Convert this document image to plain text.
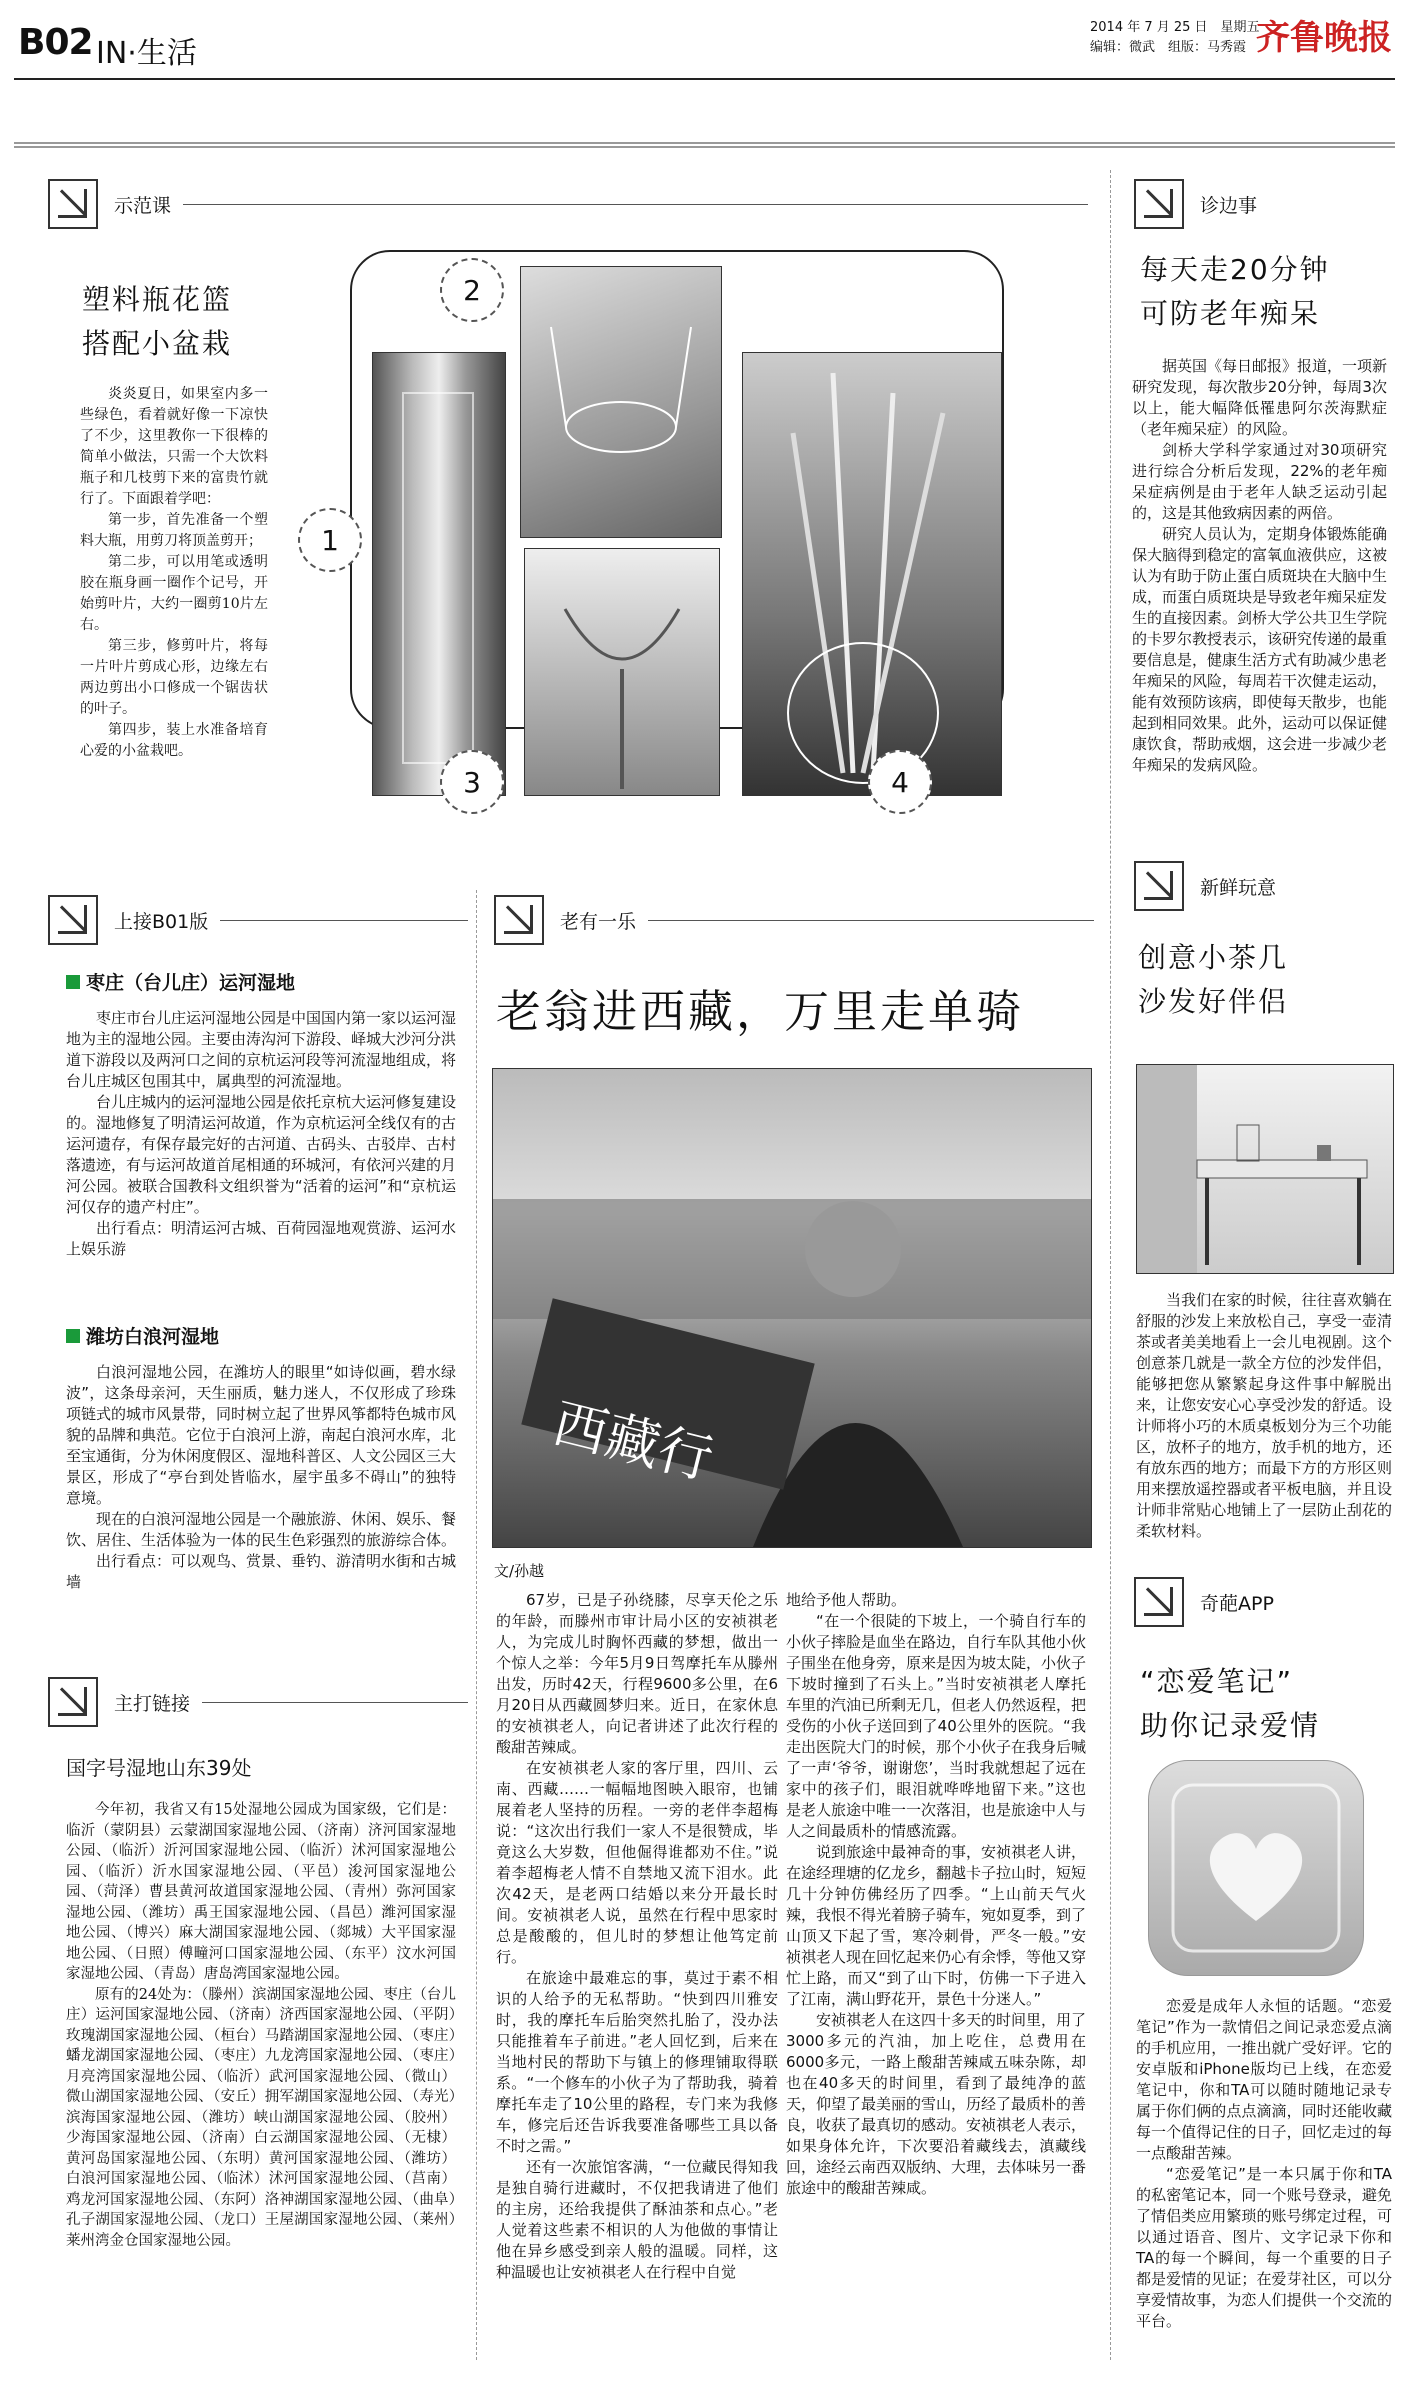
B02 IN·生活
2014 年 7 月 25 日　星期五
编辑：微武　组版：马秀霞 齐鲁晚报
示范课
塑料瓶花篮
搭配小盆栽

炎炎夏日，如果室内多一些绿色，看着就好像一下凉快了不少，这里教你一下很棒的简单小做法，只需一个大饮料瓶子和几枝剪下来的富贵竹就行了。下面跟着学吧：

第一步，首先准备一个塑料大瓶，用剪刀将顶盖剪开；

第二步，可以用笔或透明胶在瓶身画一圈作个记号，开始剪叶片，大约一圈剪10片左右。

第三步，修剪叶片，将每一片叶片剪成心形，边缘左右两边剪出小口修成一个锯齿状的叶子。

第四步，装上水准备培育心爱的小盆栽吧。

2
1
3	4
诊边事
每天走20分钟
可防老年痴呆

据英国《每日邮报》报道，一项新研究发现，每次散步20分钟，每周3次以上，能大幅降低罹患阿尔茨海默症（老年痴呆症）的风险。

剑桥大学科学家通过对30项研究进行综合分析后发现，22%的老年痴呆症病例是由于老年人缺乏运动引起的，这是其他致病因素的两倍。

研究人员认为，定期身体锻炼能确保大脑得到稳定的富氧血液供应，这被认为有助于防止蛋白质斑块在大脑中生成，而蛋白质斑块是导致老年痴呆症发生的直接因素。剑桥大学公共卫生学院的卡罗尔教授表示，该研究传递的最重要信息是，健康生活方式有助减少患老年痴呆的风险，每周若干次健走运动，能有效预防该病，即使每天散步，也能起到相同效果。此外，运动可以保证健康饮食，帮助戒烟，这会进一步减少老年痴呆的发病风险。

上接B01版
枣庄（台儿庄）运河湿地

枣庄市台儿庄运河湿地公园是中国国内第一家以运河湿地为主的湿地公园。主要由涛沟河下游段、峄城大沙河分洪道下游段以及两河口之间的京杭运河段等河流湿地组成，将台儿庄城区包围其中，属典型的河流湿地。

台儿庄城内的运河湿地公园是依托京杭大运河修复建设的。湿地修复了明清运河故道，作为京杭运河全线仅有的古运河遗存，有保存最完好的古河道、古码头、古驳岸、古村落遗迹，有与运河故道首尾相通的环城河，有依河兴建的月河公园。被联合国教科文组织誉为“活着的运河”和“京杭运河仅存的遗产村庄”。

出行看点：明清运河古城、百荷园湿地观赏游、运河水上娱乐游

潍坊白浪河湿地

白浪河湿地公园，在潍坊人的眼里“如诗似画，碧水绿波”，这条母亲河，天生丽质，魅力迷人，不仅形成了珍珠项链式的城市风景带，同时树立起了世界风筝都特色城市风貌的品牌和典范。它位于白浪河上游，南起白浪河水库，北至宝通街，分为休闲度假区、湿地科普区、人文公园区三大景区，形成了“亭台到处皆临水，屋宇虽多不碍山”的独特意境。

现在的白浪河湿地公园是一个融旅游、休闲、娱乐、餐饮、居住、生活体验为一体的民生色彩强烈的旅游综合体。

出行看点：可以观鸟、赏景、垂钓、游清明水街和古城墙

主打链接
国字号湿地山东39处

今年初，我省又有15处湿地公园成为国家级，它们是：临沂（蒙阴县）云蒙湖国家湿地公园、（济南）济河国家湿地公园、（临沂）沂河国家湿地公园、（临沂）沭河国家湿地公园、（临沂）沂水国家湿地公园、（平邑）浚河国家湿地公园、（菏泽）曹县黄河故道国家湿地公园、（青州）弥河国家湿地公园、（潍坊）禹王国家湿地公园、（昌邑）潍河国家湿地公园、（博兴）麻大湖国家湿地公园、（郯城）大平国家湿地公园、（日照）傅疃河口国家湿地公园、（东平）汶水河国家湿地公园、（青岛）唐岛湾国家湿地公园。

原有的24处为：（滕州）滨湖国家湿地公园、枣庄（台儿庄）运河国家湿地公园、（济南）济西国家湿地公园、（平阴）玫瑰湖国家湿地公园、（桓台）马踏湖国家湿地公园、（枣庄）蟠龙湖国家湿地公园、（枣庄）九龙湾国家湿地公园、（枣庄）月亮湾国家湿地公园、（临沂）武河国家湿地公园、（微山）微山湖国家湿地公园、（安丘）拥军湖国家湿地公园、（寿光）滨海国家湿地公园、（潍坊）峡山湖国家湿地公园、（胶州）少海国家湿地公园、（济南）白云湖国家湿地公园、（无棣）黄河岛国家湿地公园、（东明）黄河国家湿地公园、（潍坊）白浪河国家湿地公园、（临沭）沭河国家湿地公园、（莒南）鸡龙河国家湿地公园、（东阿）洛神湖国家湿地公园、（曲阜）孔子湖国家湿地公园、（龙口）王屋湖国家湿地公园、（莱州）莱州湾金仓国家湿地公园。

老有一乐
老翁进西藏，万里走单骑
西藏行
文/孙越

67岁，已是子孙绕膝，尽享天伦之乐的年龄，而滕州市审计局小区的安祯祺老人，为完成儿时胸怀西藏的梦想，做出一个惊人之举：今年5月9日驾摩托车从滕州出发，历时42天，行程9600多公里，在6月20日从西藏圆梦归来。近日，在家休息的安祯祺老人，向记者讲述了此次行程的酸甜苦辣咸。

在安祯祺老人家的客厅里，四川、云南、西藏……一幅幅地图映入眼帘，也铺展着老人坚持的历程。一旁的老伴李超梅说：“这次出行我们一家人不是很赞成，毕竟这么大岁数，但他倔得谁都劝不住。”说着李超梅老人情不自禁地又流下泪水。此次42天，是老两口结婚以来分开最长时间。安祯祺老人说，虽然在行程中思家时总是酸酸的，但儿时的梦想让他笃定前行。

在旅途中最难忘的事，莫过于素不相识的人给予的无私帮助。“快到四川雅安时，我的摩托车后胎突然扎胎了，没办法只能推着车子前进。”老人回忆到，后来在当地村民的帮助下与镇上的修理铺取得联系。“一个修车的小伙子为了帮助我，骑着摩托车走了10公里的路程，专门来为我修车，修完后还告诉我要准备哪些工具以备不时之需。”

还有一次旅馆客满，“一位藏民得知我是独自骑行进藏时，不仅把我请进了他们的主房，还给我提供了酥油茶和点心。”老人觉着这些素不相识的人为他做的事情让他在异乡感受到亲人般的温暖。同样，这种温暖也让安祯祺老人在行程中自觉

地给予他人帮助。

“在一个很陡的下坡上，一个骑自行车的小伙子摔脸是血坐在路边，自行车队其他小伙子围坐在他身旁，原来是因为坡太陡，小伙子下坡时撞到了石头上。”当时安祯祺老人摩托车里的汽油已所剩无几，但老人仍然返程，把受伤的小伙子送回到了40公里外的医院。“我走出医院大门的时候，那个小伙子在我身后喊了一声‘爷爷，谢谢您’，当时我就想起了远在家中的孩子们，眼泪就哗哗地留下来。”这也是老人旅途中唯一一次落泪，也是旅途中人与人之间最质朴的情感流露。

说到旅途中最神奇的事，安祯祺老人讲，在途经理塘的亿龙乡，翻越卡子拉山时，短短几十分钟仿佛经历了四季。“上山前天气火辣，我恨不得光着膀子骑车，宛如夏季，到了山顶又下起了雪，寒冷刺骨，严冬一般。”安祯祺老人现在回忆起来仍心有余悸，等他又穿忙上路，而又“到了山下时，仿佛一下子进入了江南，满山野花开，景色十分迷人。”

安祯祺老人在这四十多天的时间里，用了3000多元的汽油，加上吃住，总费用在6000多元，一路上酸甜苦辣咸五味杂陈，却也在40多天的时间里，看到了最纯净的蓝天，仰望了最美丽的雪山，历经了最质朴的善良，收获了最真切的感动。安祯祺老人表示，如果身体允许，下次要沿着藏线去，滇藏线回，途经云南西双版纳、大理，去体味另一番旅途中的酸甜苦辣咸。

新鲜玩意
创意小茶几
沙发好伴侣

当我们在家的时候，往往喜欢躺在舒服的沙发上来放松自己，享受一壶清茶或者美美地看上一会儿电视剧。这个创意茶几就是一款全方位的沙发伴侣，能够把您从繁繁起身这件事中解脱出来，让您安安心心享受沙发的舒适。设计师将小巧的木质桌板划分为三个功能区，放杯子的地方，放手机的地方，还有放东西的地方；而最下方的方形区则用来摆放遥控器或者平板电脑，并且设计师非常贴心地铺上了一层防止刮花的柔软材料。

奇葩APP
“恋爱笔记”
助你记录爱情

恋爱是成年人永恒的话题。“恋爱笔记”作为一款情侣之间记录恋爱点滴的手机应用，一推出就广受好评。它的安卓版和iPhone版均已上线，在恋爱笔记中，你和TA可以随时随地记录专属于你们俩的点点滴滴，同时还能收藏每一个值得记住的日子，回忆走过的每一点酸甜苦辣。

“恋爱笔记”是一本只属于你和TA的私密笔记本，同一个账号登录，避免了情侣类应用繁琐的账号绑定过程，可以通过语音、图片、文字记录下你和TA的每一个瞬间，每一个重要的日子都是爱情的见证；在爱芽社区，可以分享爱情故事，为恋人们提供一个交流的平台。
